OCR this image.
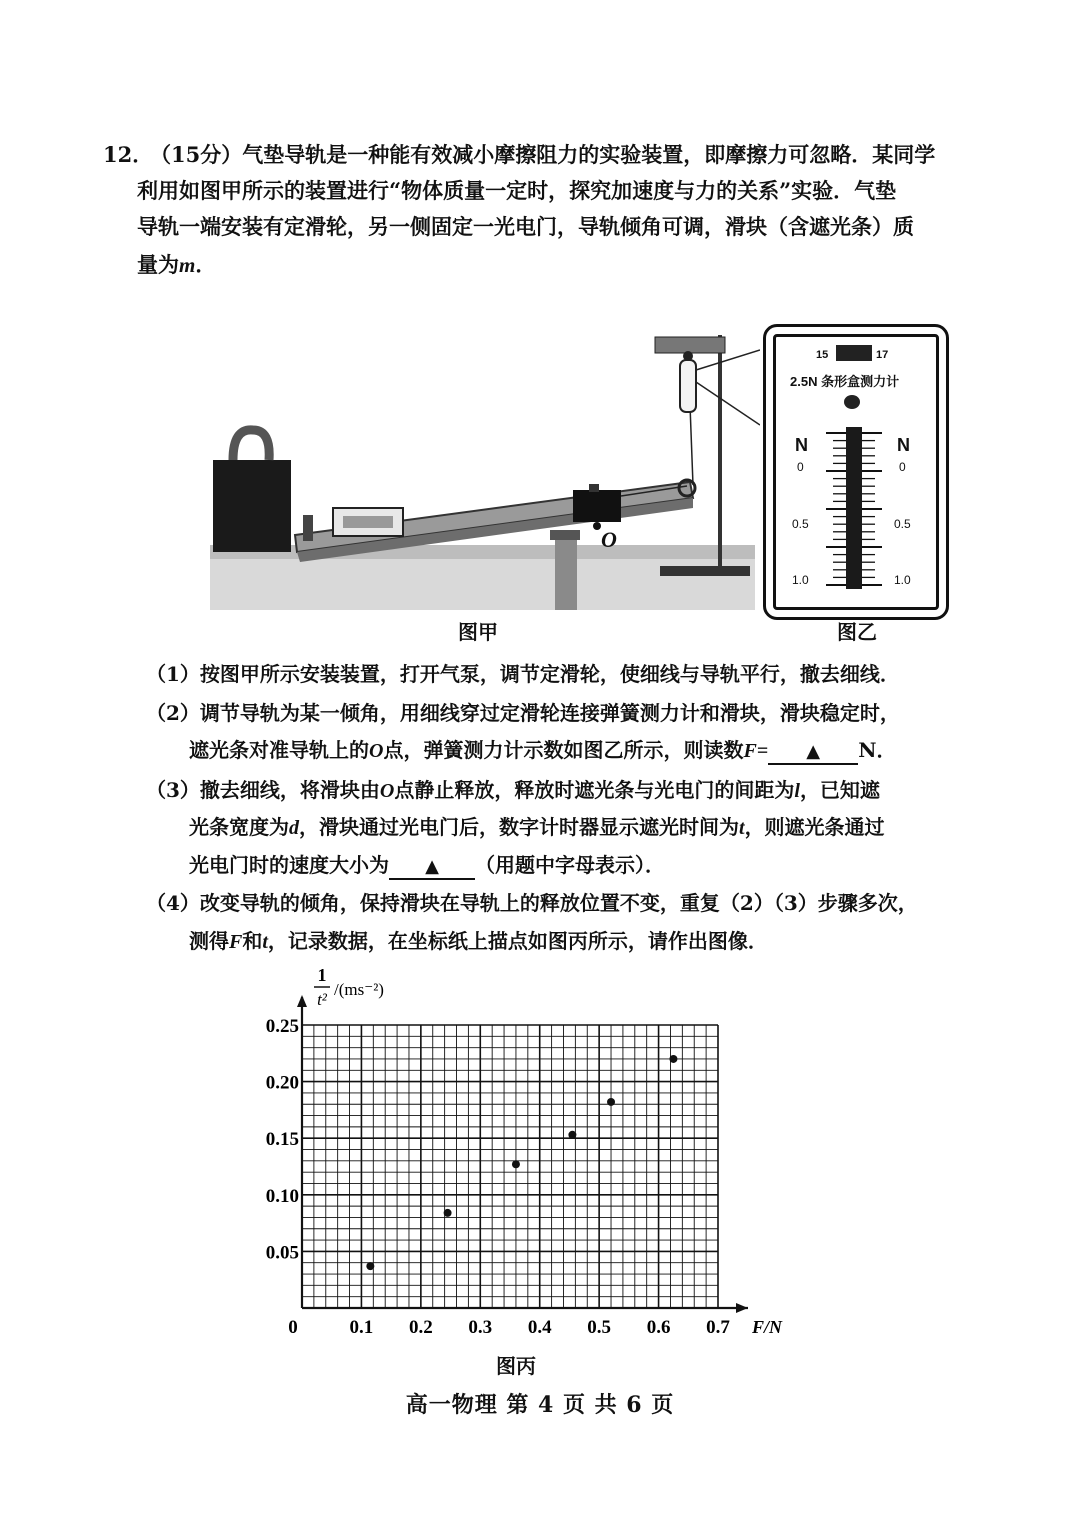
12．
（15分）气垫导轨是一种能有效减小摩擦阻力的实验装置，即摩擦力可忽略．某同学
利用如图甲所示的装置进行“物体质量一定时，探究加速度与力的关系”实验．气垫
导轨一端安装有定滑轮，另一侧固定一光电门，导轨倾角可调，滑块（含遮光条）质
量为m．
O
图甲
15	17
2.5N 条形盒测力计
N	N
0	0
0.5	0.5
1.0	1.0
图乙
（1）按图甲所示安装装置，打开气泵，调节定滑轮，使细线与导轨平行，撤去细线．
（2）调节导轨为某一倾角，用细线穿过定滑轮连接弹簧测力计和滑块，滑块稳定时，
遮光条对准导轨上的O点，弹簧测力计示数如图乙所示，则读数F= ▲ N．
（3）撤去细线，将滑块由O点静止释放，释放时遮光条与光电门的间距为l，已知遮
光条宽度为d，滑块通过光电门后，数字计时器显示遮光时间为t，则遮光条通过
光电门时的速度大小为 ▲ （用题中字母表示）．
（4）改变导轨的倾角，保持滑块在导轨上的释放位置不变，重复（2）（3）步骤多次，
测得F和t，记录数据，在坐标纸上描点如图丙所示，请作出图像．
0	0.1 0.2 0.3 0.4 0.5 0.6 0.7
0.05
0.10
0.15
0.20
0.25
1
t²
/(ms⁻²)
F/N
图丙
高一物理 第 4 页 共 6 页
